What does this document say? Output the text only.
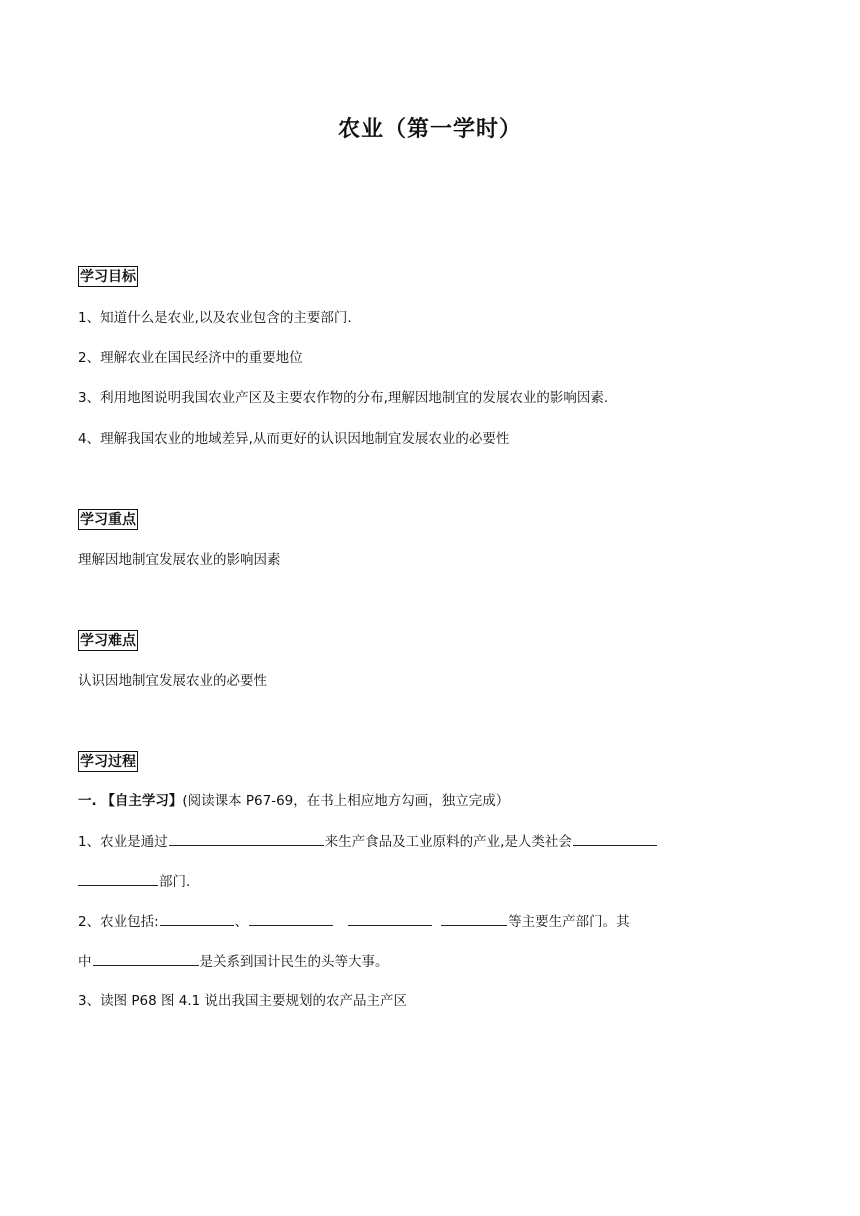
农业（第一学时）
学习目标
1、知道什么是农业,以及农业包含的主要部门.
2、理解农业在国民经济中的重要地位
3、利用地图说明我国农业产区及主要农作物的分布,理解因地制宜的发展农业的影响因素.
4、理解我国农业的地域差异,从而更好的认识因地制宜发展农业的必要性
学习重点
理解因地制宜发展农业的影响因素
学习难点
认识因地制宜发展农业的必要性
学习过程
一. 【自主学习】(阅读课本 P67-69，在书上相应地方勾画，独立完成）
1、农业是通过	来生产食品及工业原料的产业,是人类社会
部门.
2、农业包括:	、	等主要生产部门。其
中	是关系到国计民生的头等大事。
3、读图 P68 图 4.1 说出我国主要规划的农产品主产区
